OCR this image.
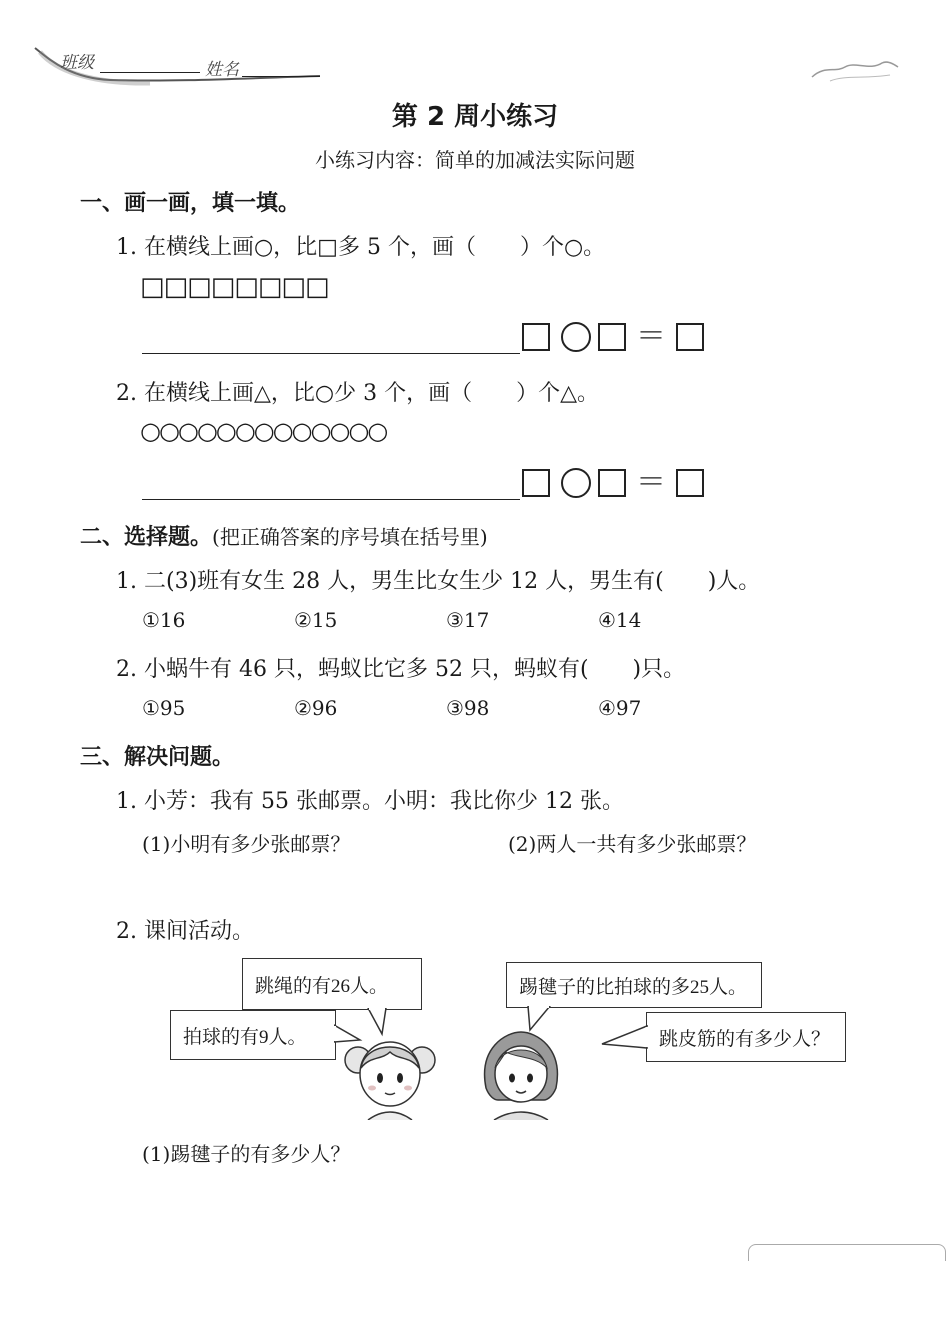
班级	姓名
第 2 周小练习
小练习内容：简单的加减法实际问题
一、画一画，填一填。
1. 在横线上画○，比□多 5 个，画（　　）个○。
□□□□□□□□
＝
2. 在横线上画△，比○少 3 个，画（　　）个△。
○○○○○○○○○○○○○
＝
二、选择题。(把正确答案的序号填在括号里)
1. 二(3)班有女生 28 人，男生比女生少 12 人，男生有(　　)人。
①16	②15	③17	④14
2. 小蜗牛有 46 只，蚂蚁比它多 52 只，蚂蚁有(　　)只。
①95	②96	③98	④97
三、解决问题。
1. 小芳：我有 55 张邮票。小明：我比你少 12 张。
(1)小明有多少张邮票？	(2)两人一共有多少张邮票？
2. 课间活动。
跳绳的有26人。
拍球的有9人。
踢毽子的比拍球的多25人。
跳皮筋的有多少人？
(1)踢毽子的有多少人？
